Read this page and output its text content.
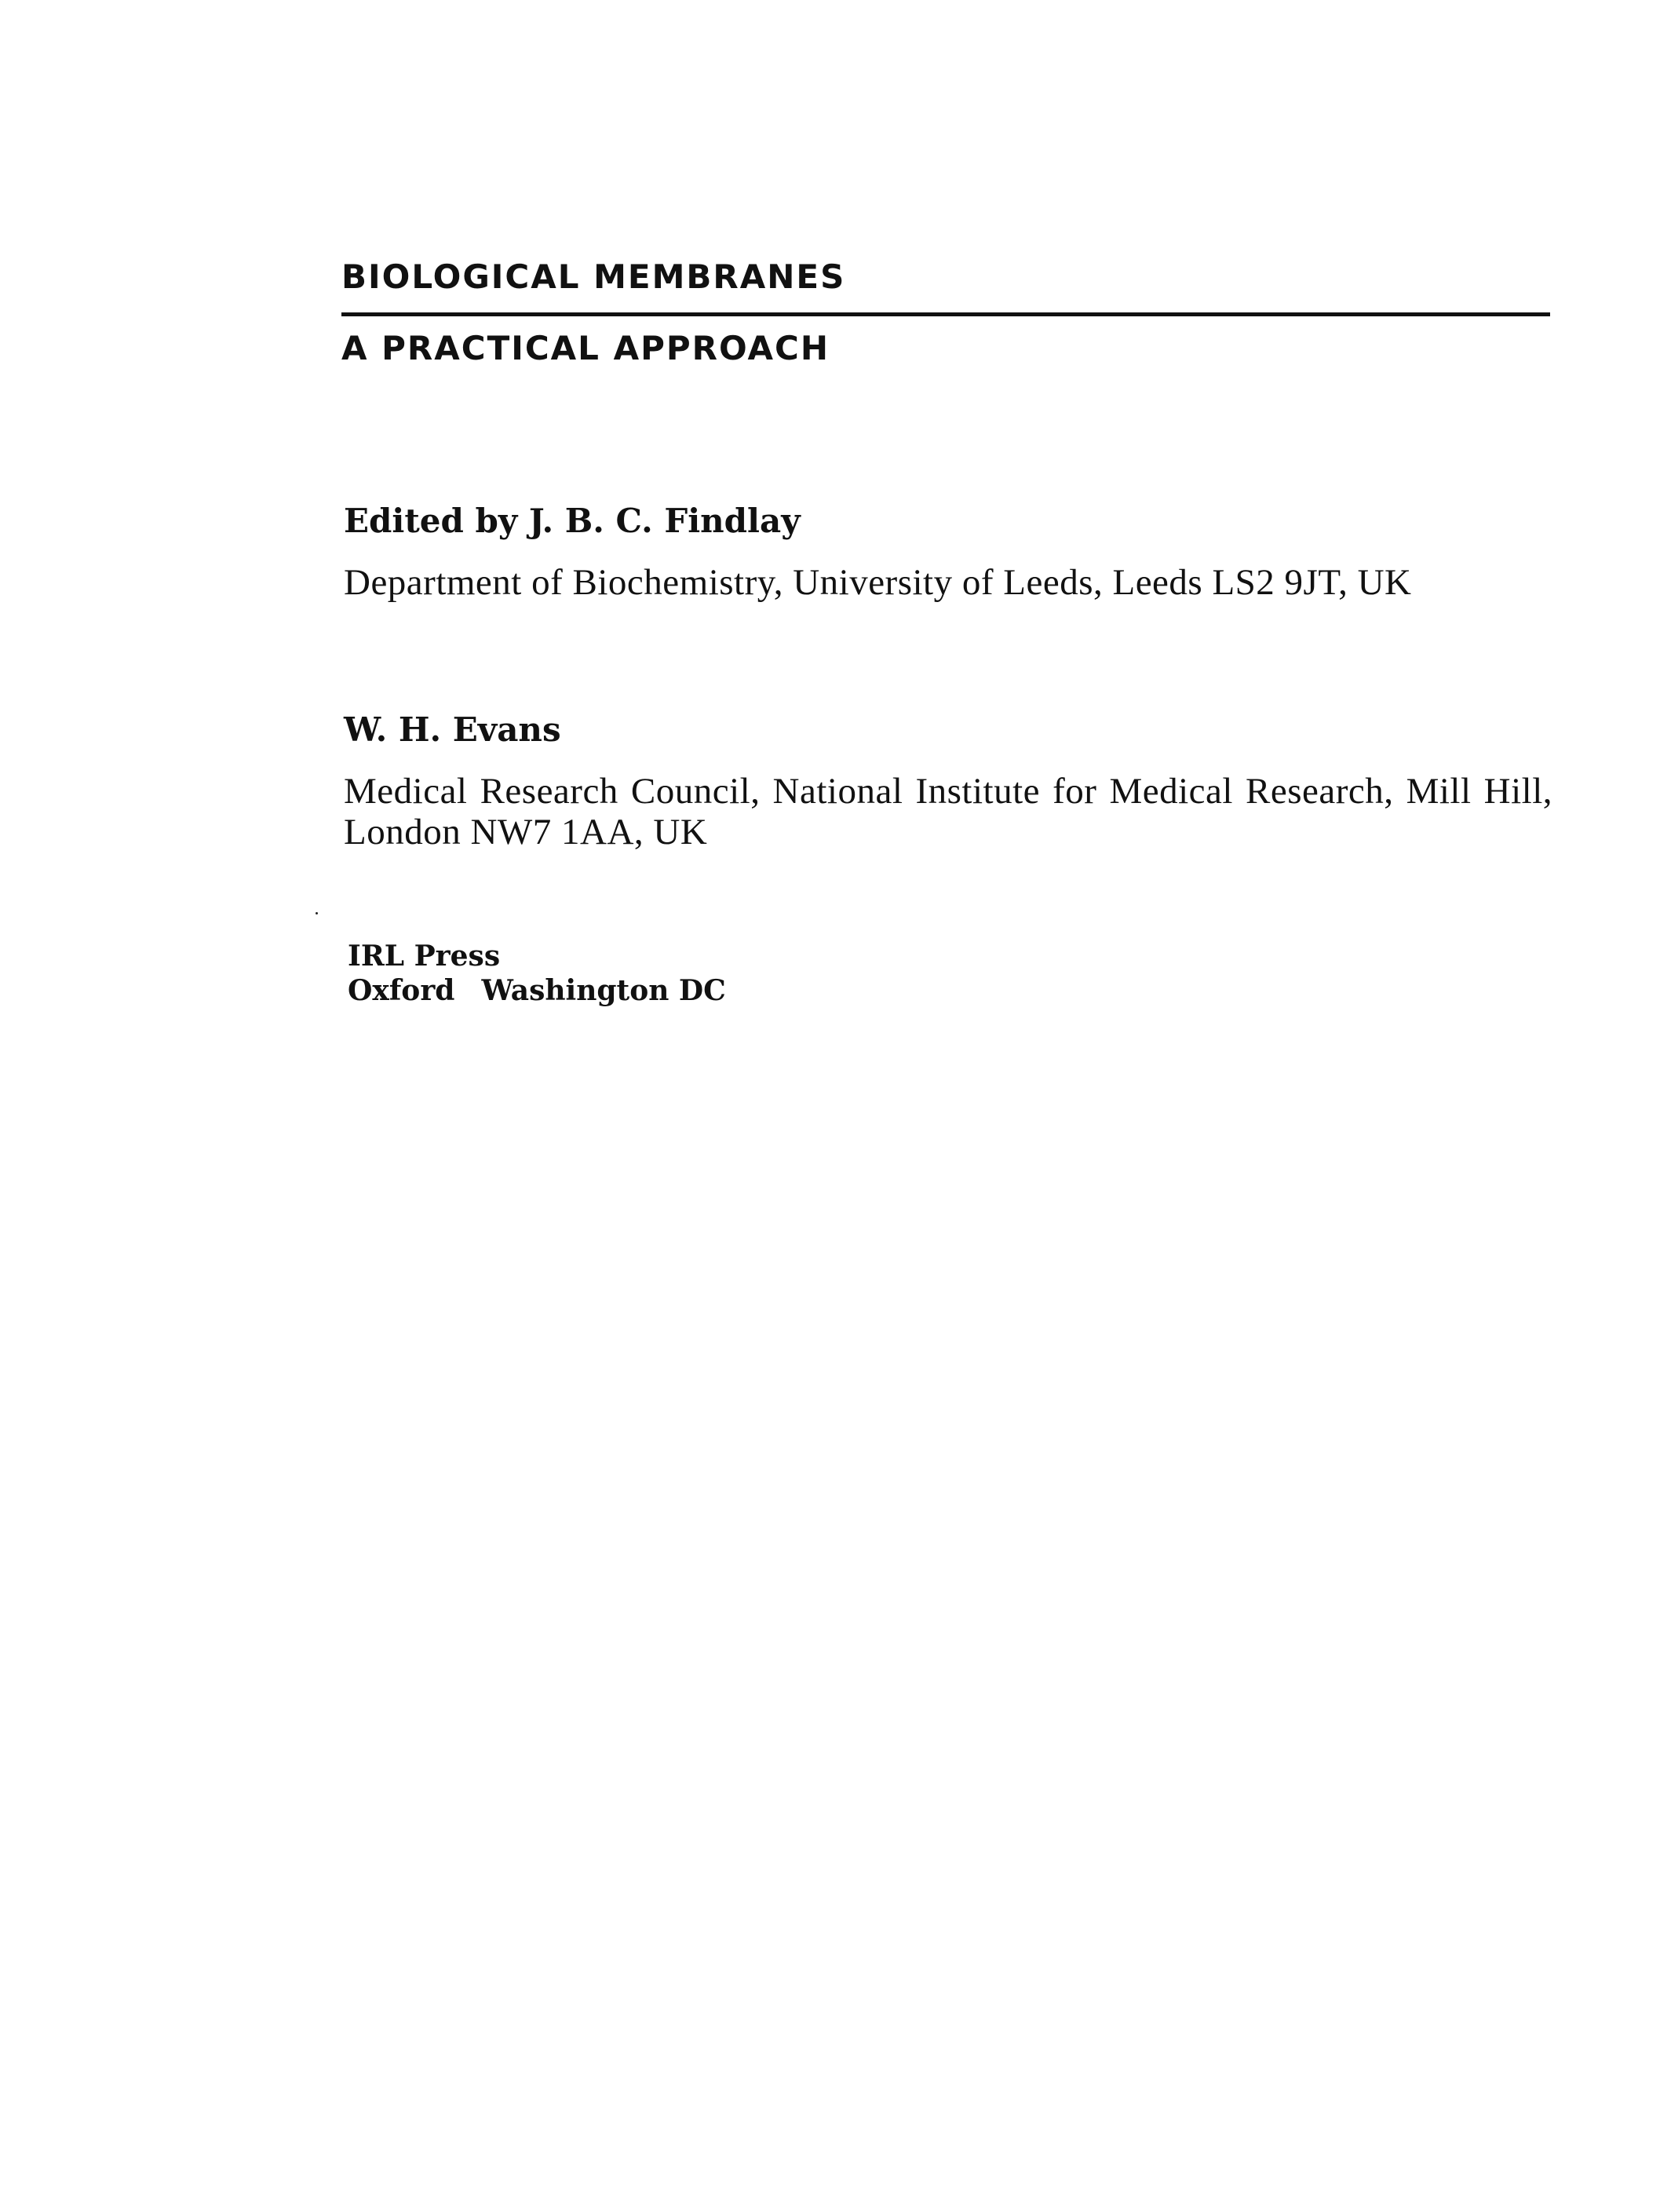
BIOLOGICAL MEMBRANES
A PRACTICAL APPROACH

Edited by J. B. C. Findlay

Department of Biochemistry, University of Leeds, Leeds LS2 9JT, UK

W. H. Evans

Medical Research Council, National Institute for Medical Research, Mill Hill, London NW7 1AA, UK

IRL Press

Oxford Washington DC
